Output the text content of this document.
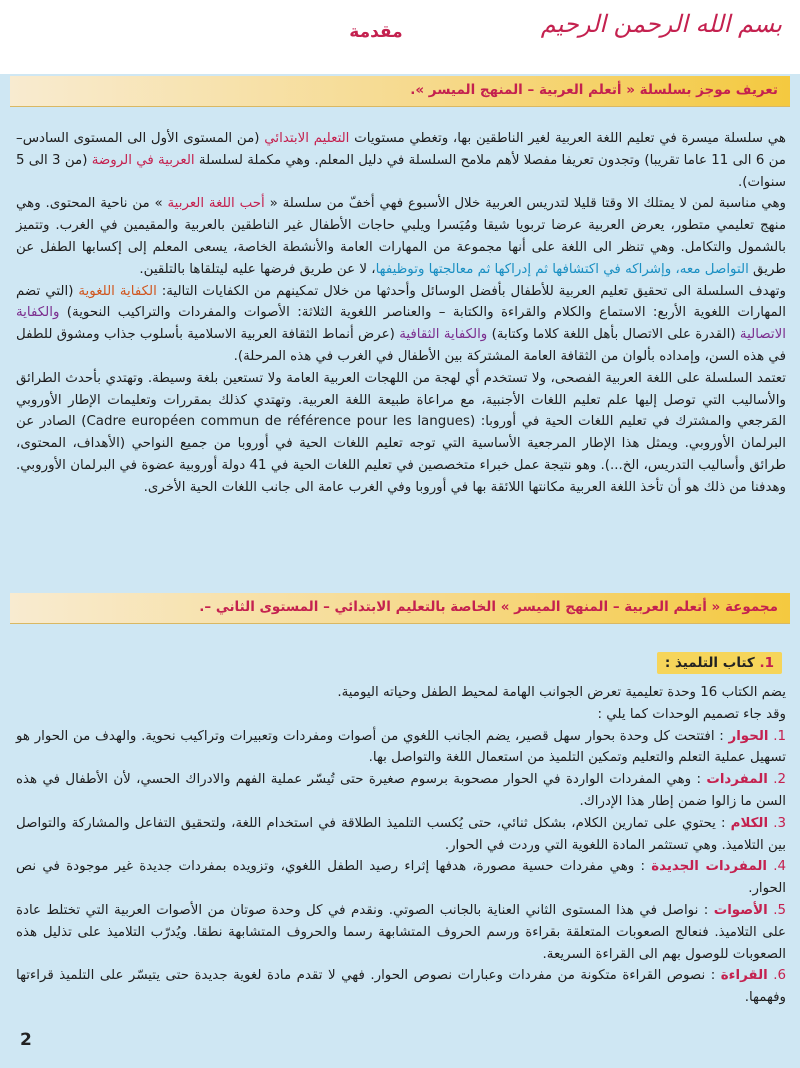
مقدمة	بسم الله الرحمن الرحيم
تعريف موجز بسلسلة « أتعلم العربية – المنهج الميسر ».

هي سلسلة ميسرة في تعليم اللغة العربية لغير الناطقين بها، وتغطي مستويات التعليم الابتدائي (من المستوى الأول الى المستوى السادس– من 6 الى 11 عاما تقريبا) وتجدون تعريفا مفصلا لأهم ملامح السلسلة في دليل المعلم. وهي مكملة لسلسلة العربية في الروضة (من 3 الى 5 سنوات).

وهي مناسبة لمن لا يمتلك الا وقتا قليلا لتدريس العربية خلال الأسبوع فهي أخفّ من سلسلة « أحب اللغة العربية » من ناحية المحتوى. وهي منهج تعليمي متطور، يعرض العربية عرضا تربويا شيقا ومُيَسرا ويلبي حاجات الأطفال غير الناطقين بالعربية والمقيمين في الغرب. وتتميز بالشمول والتكامل. وهي تنظر الى اللغة على أنها مجموعة من المهارات العامة والأنشطة الخاصة، يسعى المعلم إلى إكسابها الطفل عن طريق التواصل معه، وإشراكه في اكتشافها ثم إدراكها ثم معالجتها وتوظيفها، لا عن طريق فرضها عليه ليتلقاها بالتلقين.

وتهدف السلسلة الى تحقيق تعليم العربية للأطفال بأفضل الوسائل وأحدثها من خلال تمكينهم من الكفايات التالية: الكفاية اللغوية (التي تضم المهارات اللغوية الأربع: الاستماع والكلام والقراءة والكتابة – والعناصر اللغوية الثلاثة: الأصوات والمفردات والتراكيب النحوية) والكفاية الاتصالية (القدرة على الاتصال بأهل اللغة كلاما وكتابة) والكفاية الثقافية (عرض أنماط الثقافة العربية الاسلامية بأسلوب جذاب ومشوق للطفل في هذه السن، وإمداده بألوان من الثقافة العامة المشتركة بين الأطفال في الغرب في هذه المرحلة).

تعتمد السلسلة على اللغة العربية الفصحى، ولا تستخدم أي لهجة من اللهجات العربية العامة ولا تستعين بلغة وسيطة. وتهتدي بأحدث الطرائق والأساليب التي توصل إليها علم تعليم اللغات الأجنبية، مع مراعاة طبيعة اللغة العربية. وتهتدي كذلك بمقررات وتعليمات الإطار الأوروبي المَرجعي والمشترك في تعليم اللغات الحية في أوروبا: (Cadre européen commun de référence pour les langues) الصادر عن البرلمان الأوروبي. ويمثل هذا الإطار المرجعية الأساسية التي توجه تعليم اللغات الحية في أوروبا من جميع النواحي (الأهداف، المحتوى، طرائق وأساليب التدريس، الخ...). وهو نتيجة عمل خبراء متخصصين في تعليم اللغات الحية في 41 دولة أوروبية عضوة في البرلمان الأوروبي. وهدفنا من ذلك هو أن تأخذ اللغة العربية مكانتها اللائقة بها في أوروبا وفي الغرب عامة الى جانب اللغات الحية الأخرى.

مجموعة « أتعلم العربية – المنهج الميسر » الخاصة بالتعليم الابتدائي – المستوى الثاني –.
1. كتاب التلميذ :

يضم الكتاب 16 وحدة تعليمية تعرض الجوانب الهامة لمحيط الطفل وحياته اليومية.

وقد جاء تصميم الوحدات كما يلي :

1. الحوار : افتتحت كل وحدة بحوار سهل قصير، يضم الجانب اللغوي من أصوات ومفردات وتعبيرات وتراكيب نحوية. والهدف من الحوار هو تسهيل عملية التعلم والتعليم وتمكين التلميذ من استعمال اللغة والتواصل بها.

2. المفردات : وهي المفردات الواردة في الحوار مصحوبة برسوم صغيرة حتى تُيسّر عملية الفهم والادراك الحسي، لأن الأطفال في هذه السن ما زالوا ضمن إطار هذا الإدراك.

3. الكلام : يحتوي على تمارين الكلام، بشكل ثنائي، حتى يُكسب التلميذ الطلاقة في استخدام اللغة، ولتحقيق التفاعل والمشاركة والتواصل بين التلاميذ. وهي تستثمر المادة اللغوية التي وردت في الحوار.

4. المفردات الجديدة : وهي مفردات حسية مصورة، هدفها إثراء رصيد الطفل اللغوي، وتزويده بمفردات جديدة غير موجودة في نص الحوار.

5. الأصوات : نواصل في هذا المستوى الثاني العناية بالجانب الصوتي. ونقدم في كل وحدة صوتان من الأصوات العربية التي تختلط عادة على التلاميذ. فنعالج الصعوبات المتعلقة بقراءة ورسم الحروف المتشابهة رسما والحروف المتشابهة نطقا. ويُدرّب التلاميذ على تذليل هذه الصعوبات للوصول بهم الى القراءة السريعة.

6. القراءة : نصوص القراءة متكونة من مفردات وعبارات نصوص الحوار. فهي لا تقدم مادة لغوية جديدة حتى يتيسّر على التلميذ قراءتها وفهمها.

2
